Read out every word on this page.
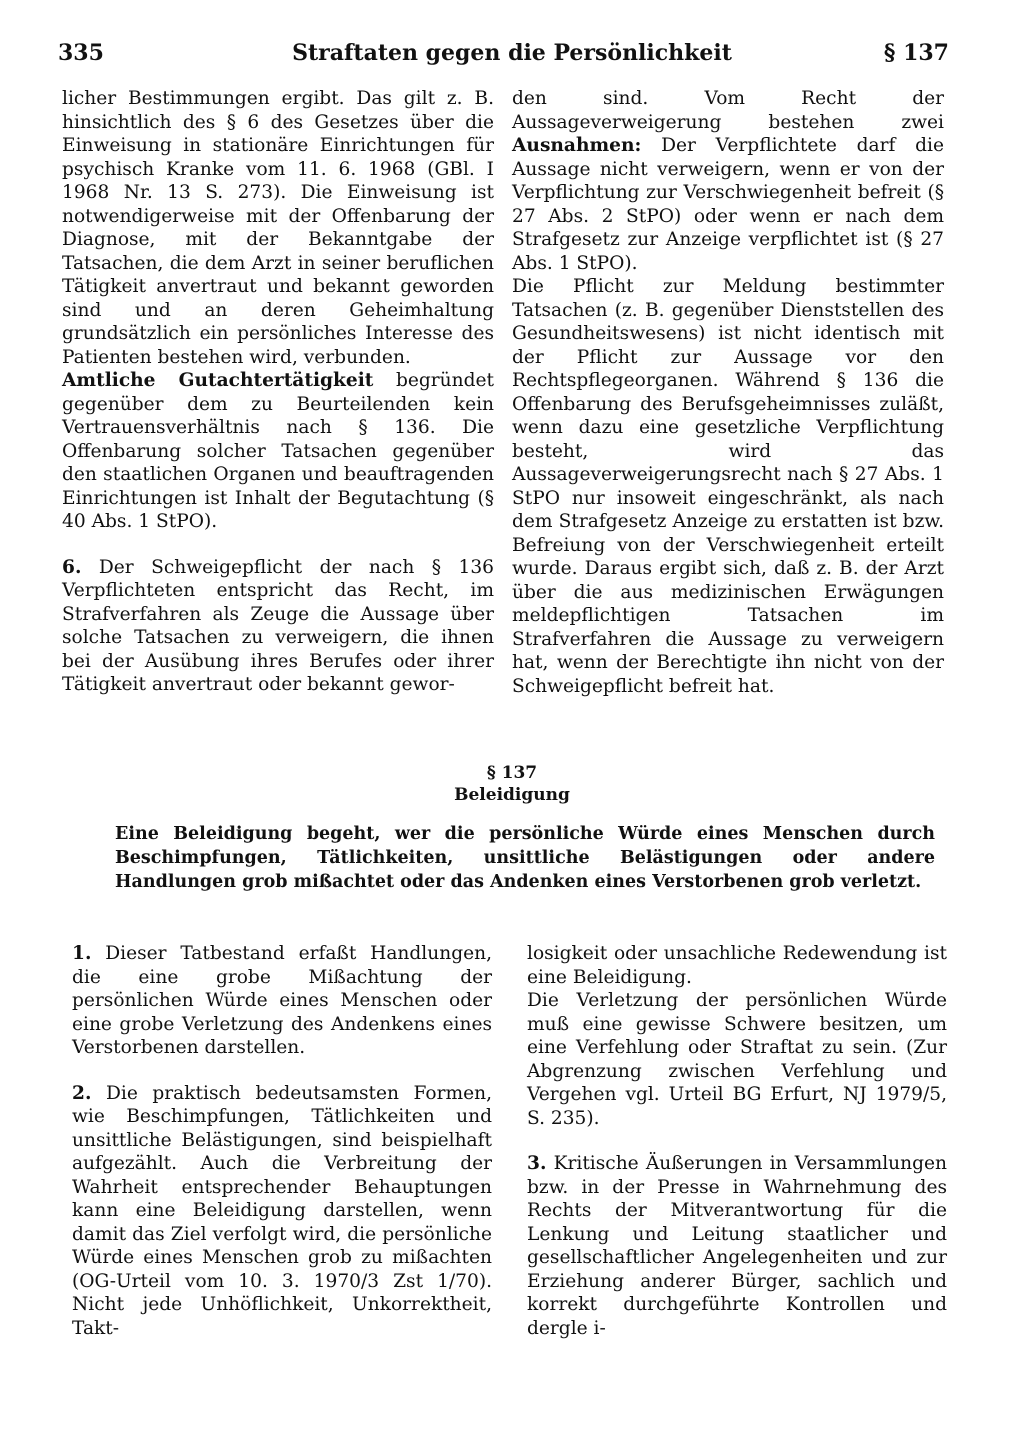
335	Straftaten gegen die Persönlichkeit	§ 137

licher Bestimmungen ergibt. Das gilt z. B. hinsichtlich des § 6 des Gesetzes über die Einweisung in stationäre Einrichtungen für psychisch Kranke vom 11. 6. 1968 (GBl. I 1968 Nr. 13 S. 273). Die Einweisung ist notwendigerweise mit der Offenbarung der Diagnose, mit der Bekanntgabe der Tatsachen, die dem Arzt in seiner beruflichen Tätigkeit anvertraut und bekannt geworden sind und an deren Geheimhaltung grundsätzlich ein persönliches Interesse des Patienten bestehen wird, verbunden.

Amtliche Gutachtertätigkeit begründet gegenüber dem zu Beurteilenden kein Vertrauensverhältnis nach § 136. Die Offenbarung solcher Tatsachen gegenüber den staatlichen Organen und beauftragenden Einrichtungen ist Inhalt der Begutachtung (§ 40 Abs. 1 StPO).

6. Der Schweigepflicht der nach § 136 Verpflichteten entspricht das Recht, im Strafverfahren als Zeuge die Aussage über solche Tatsachen zu verweigern, die ihnen bei der Ausübung ihres Berufes oder ihrer Tätigkeit anvertraut oder bekannt gewor-

den sind. Vom Recht der Aussageverweigerung bestehen zwei Ausnahmen: Der Verpflichtete darf die Aussage nicht verweigern, wenn er von der Verpflichtung zur Verschwiegenheit befreit (§ 27 Abs. 2 StPO) oder wenn er nach dem Strafgesetz zur Anzeige verpflichtet ist (§ 27 Abs. 1 StPO).

Die Pflicht zur Meldung bestimmter Tatsachen (z. B. gegenüber Dienststellen des Gesundheitswesens) ist nicht identisch mit der Pflicht zur Aussage vor den Rechtspflegeorganen. Während § 136 die Offenbarung des Berufsgeheimnisses zuläßt, wenn dazu eine gesetzliche Verpflichtung besteht, wird das Aussageverweigerungsrecht nach § 27 Abs. 1 StPO nur insoweit eingeschränkt, als nach dem Strafgesetz Anzeige zu erstatten ist bzw. Befreiung von der Verschwiegenheit erteilt wurde. Daraus ergibt sich, daß z. B. der Arzt über die aus medizinischen Erwägungen meldepflichtigen Tatsachen im Strafverfahren die Aussage zu verweigern hat, wenn der Berechtigte ihn nicht von der Schweigepflicht befreit hat.

§ 137
Beleidigung
Eine Beleidigung begeht, wer die persönliche Würde eines Menschen durch Beschimpfungen, Tätlichkeiten, unsittliche Belästigungen oder andere Handlungen grob mißachtet oder das Andenken eines Verstorbenen grob verletzt.

1. Dieser Tatbestand erfaßt Handlungen, die eine grobe Mißachtung der persönlichen Würde eines Menschen oder eine grobe Verletzung des Andenkens eines Verstorbenen darstellen.

2. Die praktisch bedeutsamsten Formen, wie Beschimpfungen, Tätlichkeiten und unsittliche Belästigungen, sind beispielhaft aufgezählt. Auch die Verbreitung der Wahrheit entsprechender Behauptungen kann eine Beleidigung darstellen, wenn damit das Ziel verfolgt wird, die persönliche Würde eines Menschen grob zu mißachten (OG-Urteil vom 10. 3. 1970/3 Zst 1/70). Nicht jede Unhöflichkeit, Unkorrektheit, Takt-

losigkeit oder unsachliche Redewendung ist eine Beleidigung.

Die Verletzung der persönlichen Würde muß eine gewisse Schwere besitzen, um eine Verfehlung oder Straftat zu sein. (Zur Abgrenzung zwischen Verfehlung und Vergehen vgl. Urteil BG Erfurt, NJ 1979/5, S. 235).

3. Kritische Äußerungen in Versammlungen bzw. in der Presse in Wahrnehmung des Rechts der Mitverantwortung für die Lenkung und Leitung staatlicher und gesellschaftlicher Angelegenheiten und zur Erziehung anderer Bürger, sachlich und korrekt durchgeführte Kontrollen und dergle i-
